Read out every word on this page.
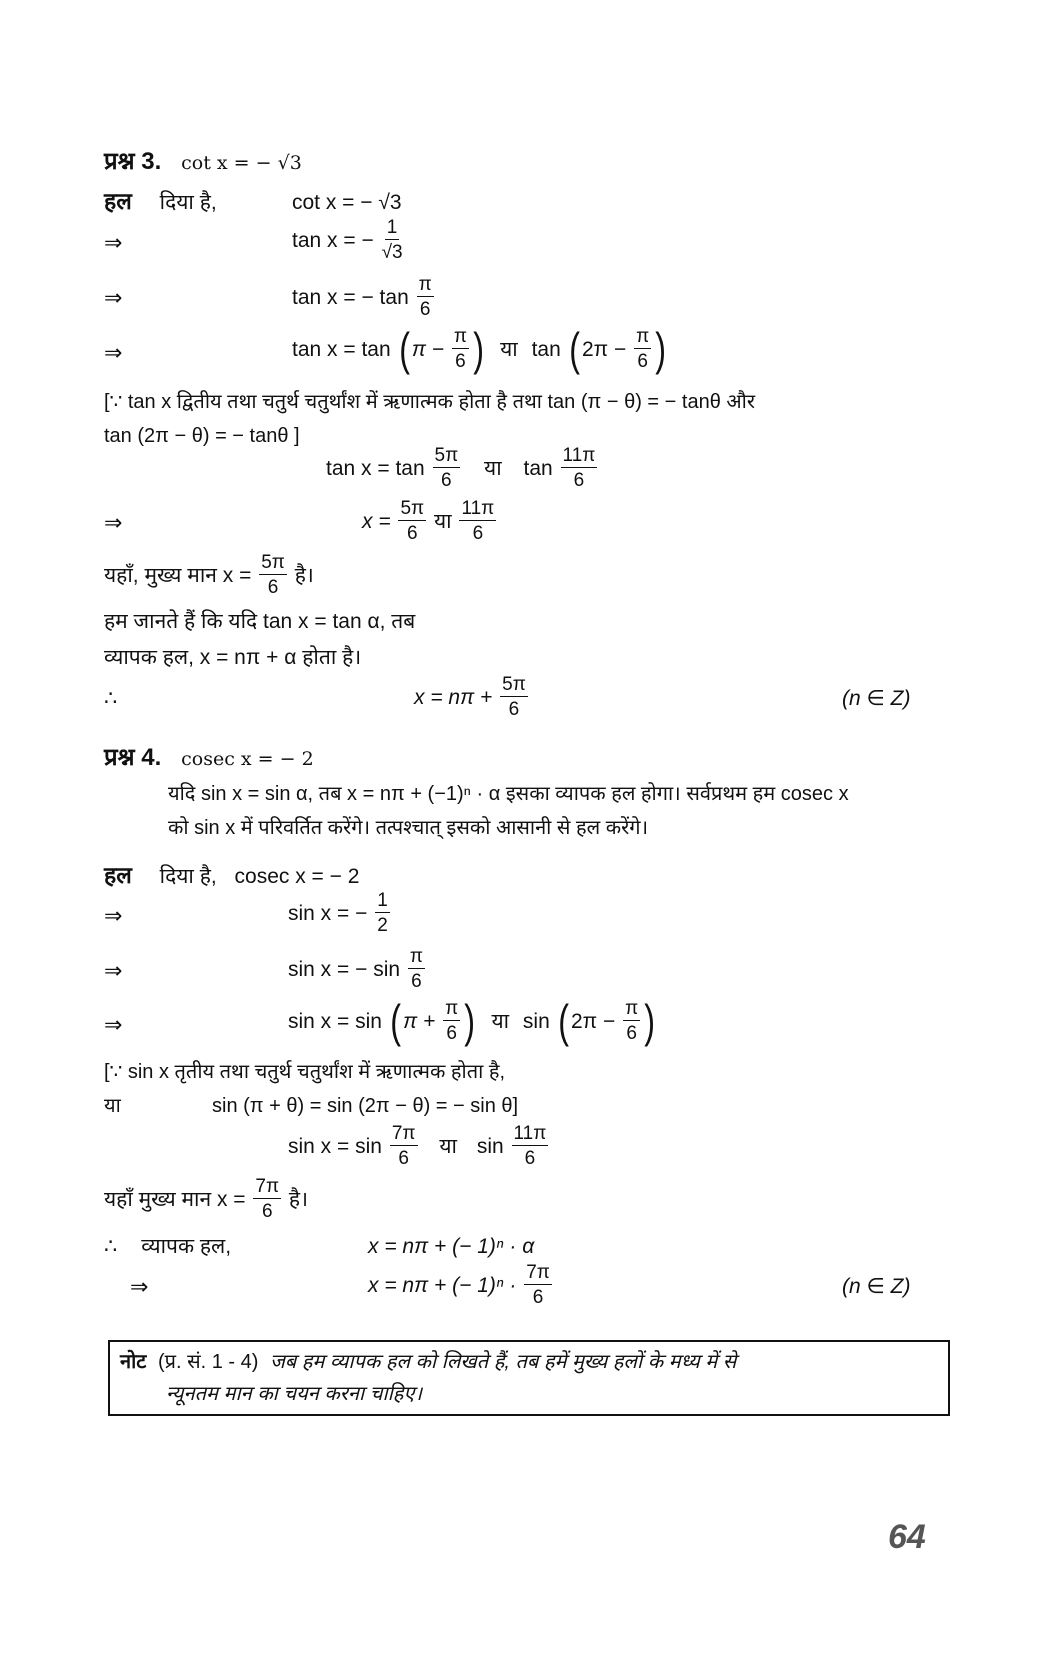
प्रश्न 3. cot x = − √3
हल दिया है,	cot x = − √3
⇒	tan x = − $\frac{1}{√3}$
⇒	tan x = − $\tan \frac{\pi}{6}$
⇒	tan x = tan ( $\pi - \frac{\pi}{6}$ ) या tan ( $2\pi - \frac{\pi}{6}$ )
[∵ tan x द्वितीय तथा चतुर्थ चतुर्थांश में ऋणात्मक होता है तथा tan (π − θ) = − tanθ और
tan (2π − θ) = − tanθ ]
$\tan x = \tan \frac{5\pi}{6}$ या $\tan \frac{11\pi}{6}$
⇒	$x = \frac{5\pi}{6}$ या $\frac{11\pi}{6}$
यहाँ, मुख्य मान $x = \frac{5\pi}{6}$ है।
हम जानते हैं कि यदि tan x = tan α, तब
व्यापक हल, x = nπ + α होता है।
∴	$x = n\pi + \frac{5\pi}{6}$	(n ∈ Z)
प्रश्न 4. cosec x = − 2
यदि sin x = sin α, तब x = nπ + (−1)ⁿ · α इसका व्यापक हल होगा। सर्वप्रथम हम cosec x
को sin x में परिवर्तित करेंगे। तत्पश्चात् इसको आसानी से हल करेंगे।
हल दिया है, cosec x = − 2
⇒	sin x = − $\frac{1}{2}$
⇒	sin x = − $\sin \frac{\pi}{6}$
⇒	sin x = sin ( $\pi + \frac{\pi}{6}$ ) या sin ( $2\pi - \frac{\pi}{6}$ )
[∵ sin x तृतीय तथा चतुर्थ चतुर्थांश में ऋणात्मक होता है,
या	sin (π + θ) = sin (2π − θ) = − sin θ]
$\sin x = \sin \frac{7\pi}{6}$ या $\sin \frac{11\pi}{6}$
यहाँ मुख्य मान $x = \frac{7\pi}{6}$ है।
∴ व्यापक हल,	x = nπ + (− 1)ⁿ · α
⇒	x = nπ + (− $1)^n \cdot \frac{7\pi}{6}$	(n ∈ Z)
नोट (प्र. सं. 1 - 4) जब हम व्यापक हल को लिखते हैं, तब हमें मुख्य हलों के मध्य में से
न्यूनतम मान का चयन करना चाहिए।
64
